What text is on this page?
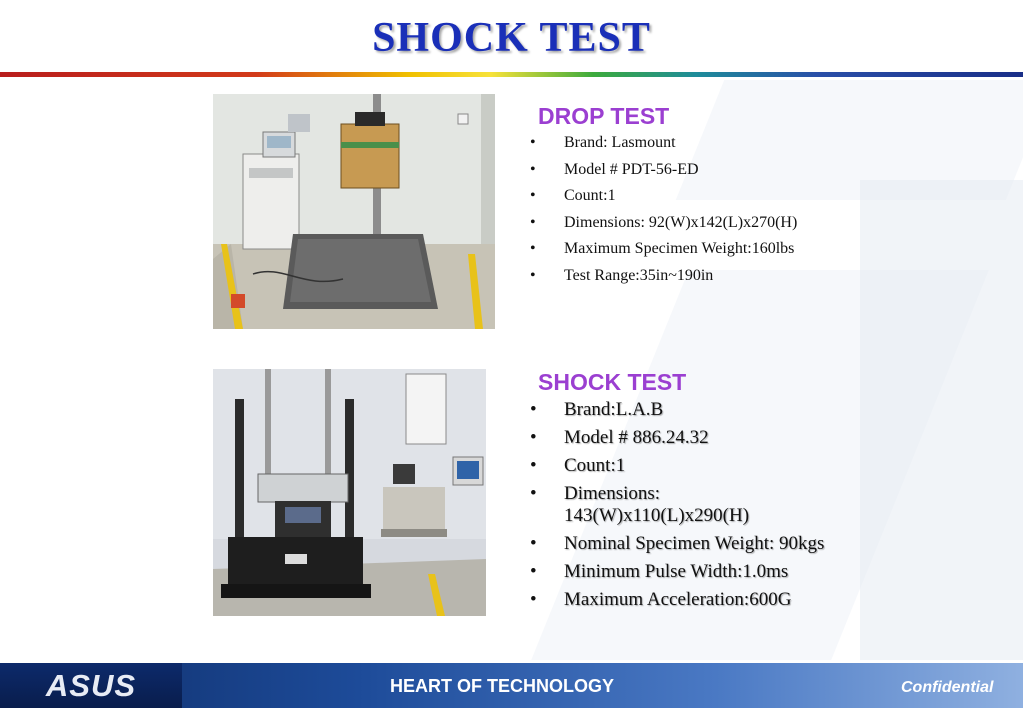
SHOCK TEST
DROP TEST
• Brand: Lasmount
• Model # PDT-56-ED
• Count:1
• Dimensions: 92(W)x142(L)x270(H)
• Maximum Specimen Weight:160lbs
• Test Range:35in~190in
SHOCK TEST
• Brand:L.A.B
• Model # 886.24.32
• Count:1
• Dimensions: 143(W)x110(L)x290(H)
• Nominal Specimen Weight: 90kgs
• Minimum Pulse Width:1.0ms
• Maximum Acceleration:600G
ASUS	HEART OF TECHNOLOGY	Confidential
